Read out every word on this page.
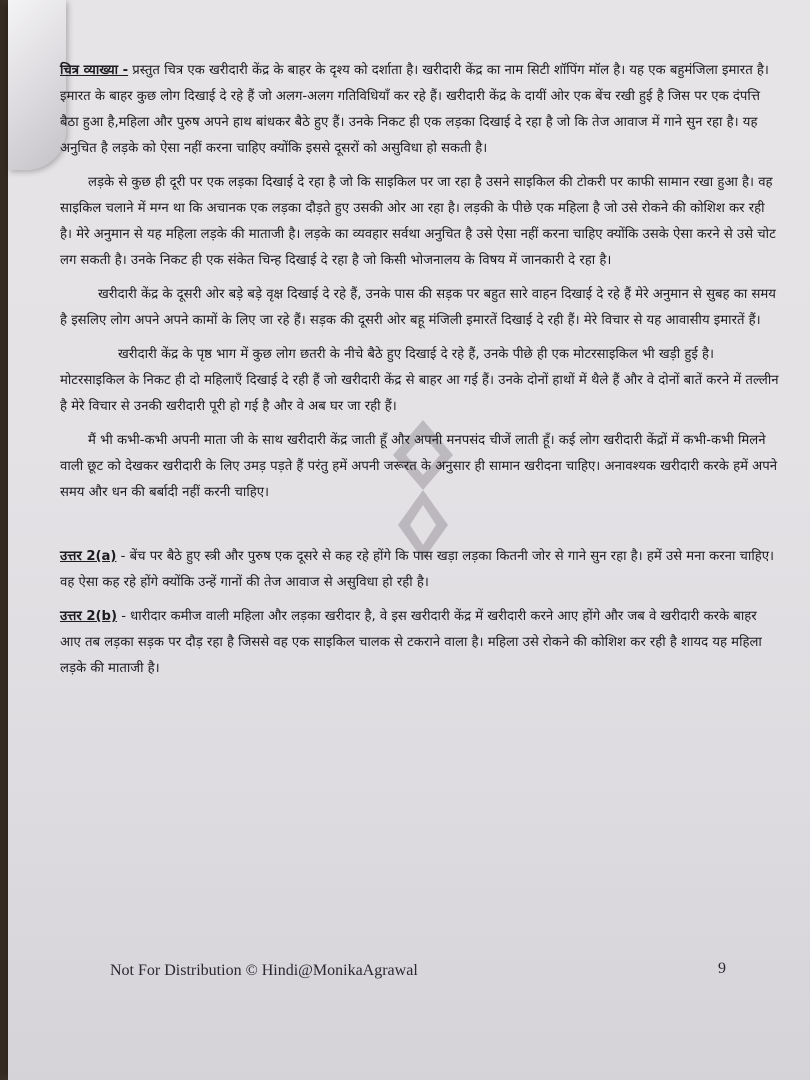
चित्र व्याख्या - प्रस्तुत चित्र एक खरीदारी केंद्र के बाहर के दृश्य को दर्शाता है। खरीदारी केंद्र का नाम सिटी शॉपिंग मॉल है। यह एक बहुमंजिला इमारत है। इमारत के बाहर कुछ लोग दिखाई दे रहे हैं जो अलग-अलग गतिविधियाँ कर रहे हैं। खरीदारी केंद्र के दायीं ओर एक बेंच रखी हुई है जिस पर एक दंपत्ति बैठा हुआ है,महिला और पुरुष अपने हाथ बांधकर बैठे हुए हैं। उनके निकट ही एक लड़का दिखाई दे रहा है जो कि तेज आवाज में गाने सुन रहा है। यह अनुचित है लड़के को ऐसा नहीं करना चाहिए क्योंकि इससे दूसरों को असुविधा हो सकती है।

लड़के से कुछ ही दूरी पर एक लड़का दिखाई दे रहा है जो कि साइकिल पर जा रहा है उसने साइकिल की टोकरी पर काफी सामान रखा हुआ है। वह साइकिल चलाने में मग्न था कि अचानक एक लड़का दौड़ते हुए उसकी ओर आ रहा है। लड़की के पीछे एक महिला है जो उसे रोकने की कोशिश कर रही है। मेरे अनुमान से यह महिला लड़के की माताजी है। लड़के का व्यवहार सर्वथा अनुचित है उसे ऐसा नहीं करना चाहिए क्योंकि उसके ऐसा करने से उसे चोट लग सकती है। उनके निकट ही एक संकेत चिन्ह दिखाई दे रहा है जो किसी भोजनालय के विषय में जानकारी दे रहा है।

खरीदारी केंद्र के दूसरी ओर बड़े बड़े वृक्ष दिखाई दे रहे हैं, उनके पास की सड़क पर बहुत सारे वाहन दिखाई दे रहे हैं मेरे अनुमान से सुबह का समय है इसलिए लोग अपने अपने कामों के लिए जा रहे हैं। सड़क की दूसरी ओर बहू मंजिली इमारतें दिखाई दे रही हैं। मेरे विचार से यह आवासीय इमारतें हैं।

खरीदारी केंद्र के पृष्ठ भाग में कुछ लोग छतरी के नीचे बैठे हुए दिखाई दे रहे हैं, उनके पीछे ही एक मोटरसाइकिल भी खड़ी हुई है। मोटरसाइकिल के निकट ही दो महिलाएँ दिखाई दे रही हैं जो खरीदारी केंद्र से बाहर आ गई हैं। उनके दोनों हाथों में थैले हैं और वे दोनों बातें करने में तल्लीन है मेरे विचार से उनकी खरीदारी पूरी हो गई है और वे अब घर जा रही हैं।

मैं भी कभी-कभी अपनी माता जी के साथ खरीदारी केंद्र जाती हूँ और अपनी मनपसंद चीजें लाती हूँ। कई लोग खरीदारी केंद्रों में कभी-कभी मिलने वाली छूट को देखकर खरीदारी के लिए उमड़ पड़ते हैं परंतु हमें अपनी जरूरत के अनुसार ही सामान खरीदना चाहिए। अनावश्यक खरीदारी करके हमें अपने समय और धन की बर्बादी नहीं करनी चाहिए।

उत्तर 2(a) - बेंच पर बैठे हुए स्त्री और पुरुष एक दूसरे से कह रहे होंगे कि पास खड़ा लड़का कितनी जोर से गाने सुन रहा है। हमें उसे मना करना चाहिए। वह ऐसा कह रहे होंगे क्योंकि उन्हें गानों की तेज आवाज से असुविधा हो रही है।

उत्तर 2(b) - धारीदार कमीज वाली महिला और लड़का खरीदार है, वे इस खरीदारी केंद्र में खरीदारी करने आए होंगे और जब वे खरीदारी करके बाहर आए तब लड़का सड़क पर दौड़ रहा है जिससे वह एक साइकिल चालक से टकराने वाला है। महिला उसे रोकने की कोशिश कर रही है शायद यह महिला लड़के की माताजी है।

Not For Distribution © Hindi@MonikaAgrawal	9
